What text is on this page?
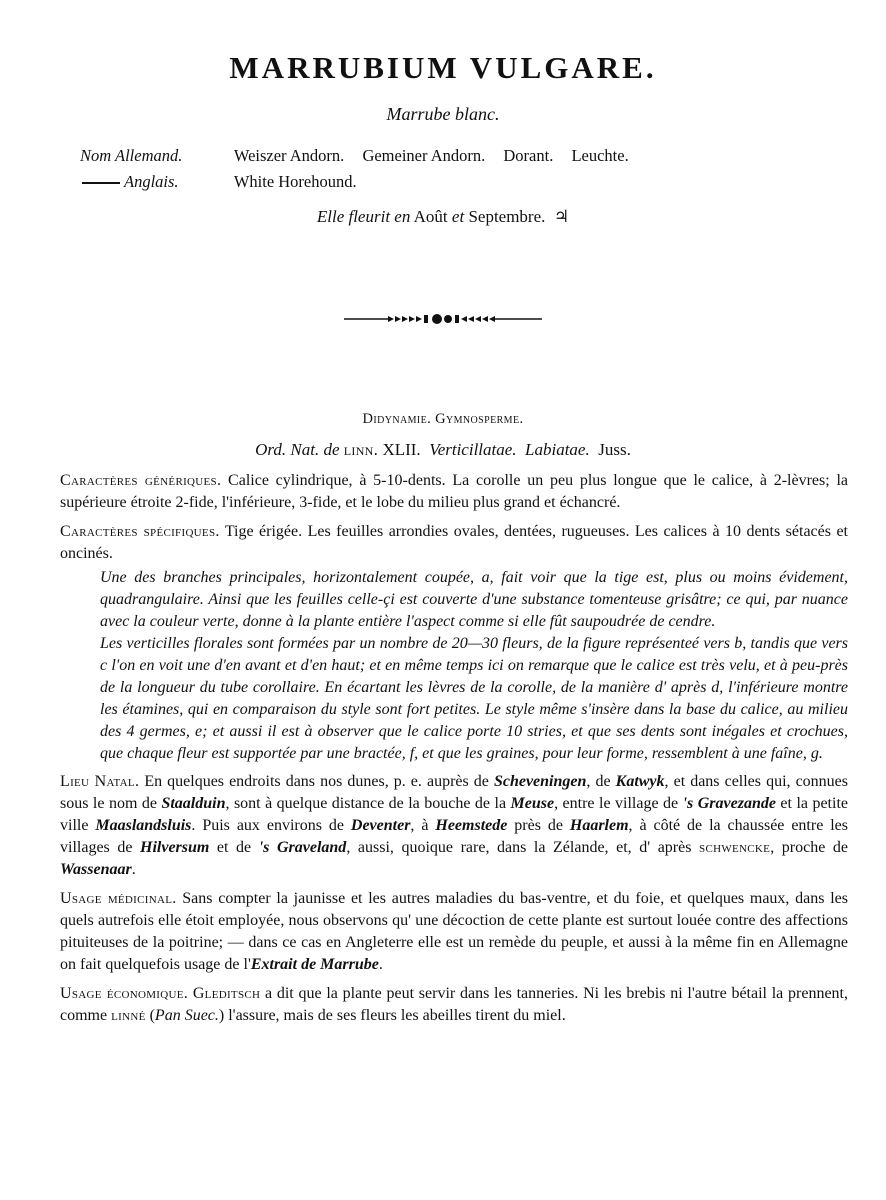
MARRUBIUM VULGARE.
Marrube blanc.
Nom Allemand.	Weiszer Andorn. Gemeiner Andorn. Dorant. Leuchte.
Anglais.	White Horehound.
Elle fleurit en Août et Septembre. ♃
Didynamie. Gymnosperme.
Ord. Nat. de linn. XLII. Verticillatae. Labiatae. Juss.

Caractères génériques. Calice cylindrique, à 5-10-dents. La corolle un peu plus longue que le calice, à 2-lèvres; la supérieure étroite 2-fide, l'inférieure, 3-fide, et le lobe du milieu plus grand et échancré.

Caractères spécifiques. Tige érigée. Les feuilles arrondies ovales, dentées, rugueuses. Les calices à 10 dents sétacés et oncinés.

Une des branches principales, horizontalement coupée, a, fait voir que la tige est, plus ou moins évidement, quadrangulaire. Ainsi que les feuilles celle-çi est couverte d'une substance tomenteuse grisâtre; ce qui, par nuance avec la couleur verte, donne à la plante entière l'aspect comme si elle fût saupoudrée de cendre.

Les verticilles florales sont formées par un nombre de 20—30 fleurs, de la figure représenteé vers b, tandis que vers c l'on en voit une d'en avant et d'en haut; et en même temps ici on remarque que le calice est très velu, et à peu-près de la longueur du tube corollaire. En écartant les lèvres de la corolle, de la manière d' après d, l'inférieure montre les étamines, qui en comparaison du style sont fort petites. Le style même s'insère dans la base du calice, au milieu des 4 germes, e; et aussi il est à observer que le calice porte 10 stries, et que ses dents sont inégales et crochues, que chaque fleur est supportée par une bractée, f, et que les graines, pour leur forme, ressemblent à une faîne, g.

Lieu Natal. En quelques endroits dans nos dunes, p. e. auprès de Scheveningen, de Katwyk, et dans celles qui, connues sous le nom de Staalduin, sont à quelque distance de la bouche de la Meuse, entre le village de 's Gravezande et la petite ville Maaslandsluis. Puis aux environs de Deventer, à Heemstede près de Haarlem, à côté de la chaussée entre les villages de Hilversum et de 's Graveland, aussi, quoique rare, dans la Zélande, et, d' après schwencke, proche de Wassenaar.

Usage médicinal. Sans compter la jaunisse et les autres maladies du bas-ventre, et du foie, et quelques maux, dans les quels autrefois elle étoit employée, nous observons qu' une décoction de cette plante est surtout louée contre des affections pituiteuses de la poitrine; — dans ce cas en Angleterre elle est un remède du peuple, et aussi à la même fin en Allemagne on fait quelquefois usage de l'Extrait de Marrube.

Usage économique. Gleditsch a dit que la plante peut servir dans les tanneries. Ni les brebis ni l'autre bétail la prennent, comme linné (Pan Suec.) l'assure, mais de ses fleurs les abeilles tirent du miel.
